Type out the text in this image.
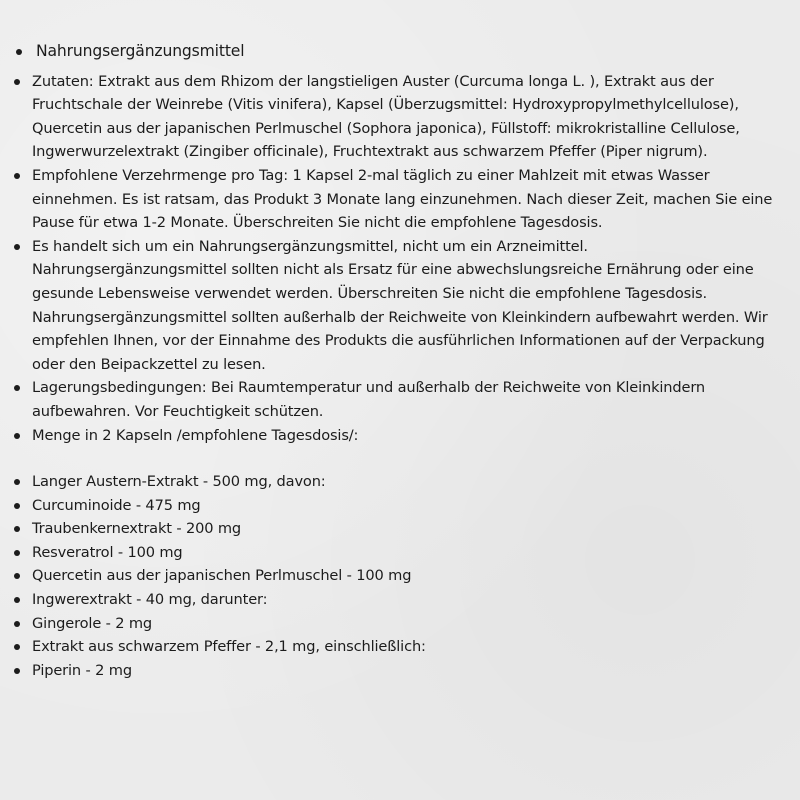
Nahrungsergänzungsmittel
Zutaten: Extrakt aus dem Rhizom der langstieligen Auster (Curcuma longa L. ), Extrakt aus der Fruchtschale der Weinrebe (Vitis vinifera), Kapsel (Überzugsmittel: Hydroxypropylmethylcellulose), Quercetin aus der japanischen Perlmuschel (Sophora japonica), Füllstoff: mikrokristalline Cellulose, Ingwerwurzelextrakt (Zingiber officinale), Fruchtextrakt aus schwarzem Pfeffer (Piper nigrum).
Empfohlene Verzehrmenge pro Tag: 1 Kapsel 2-mal täglich zu einer Mahlzeit mit etwas Wasser einnehmen. Es ist ratsam, das Produkt 3 Monate lang einzunehmen. Nach dieser Zeit, machen Sie eine Pause für etwa 1-2 Monate. Überschreiten Sie nicht die empfohlene Tagesdosis.
Es handelt sich um ein Nahrungsergänzungsmittel, nicht um ein Arzneimittel. Nahrungsergänzungsmittel sollten nicht als Ersatz für eine abwechslungsreiche Ernährung oder eine gesunde Lebensweise verwendet werden. Überschreiten Sie nicht die empfohlene Tagesdosis. Nahrungsergänzungsmittel sollten außerhalb der Reichweite von Kleinkindern aufbewahrt werden. Wir empfehlen Ihnen, vor der Einnahme des Produkts die ausführlichen Informationen auf der Verpackung oder den Beipackzettel zu lesen.
Lagerungsbedingungen: Bei Raumtemperatur und außerhalb der Reichweite von Kleinkindern aufbewahren. Vor Feuchtigkeit schützen.
Menge in 2 Kapseln /empfohlene Tagesdosis/:
Langer Austern-Extrakt - 500 mg, davon:
Curcuminoide - 475 mg
Traubenkernextrakt - 200 mg
Resveratrol - 100 mg
Quercetin aus der japanischen Perlmuschel - 100 mg
Ingwerextrakt - 40 mg, darunter:
Gingerole - 2 mg
Extrakt aus schwarzem Pfeffer - 2,1 mg, einschließlich:
Piperin - 2 mg
